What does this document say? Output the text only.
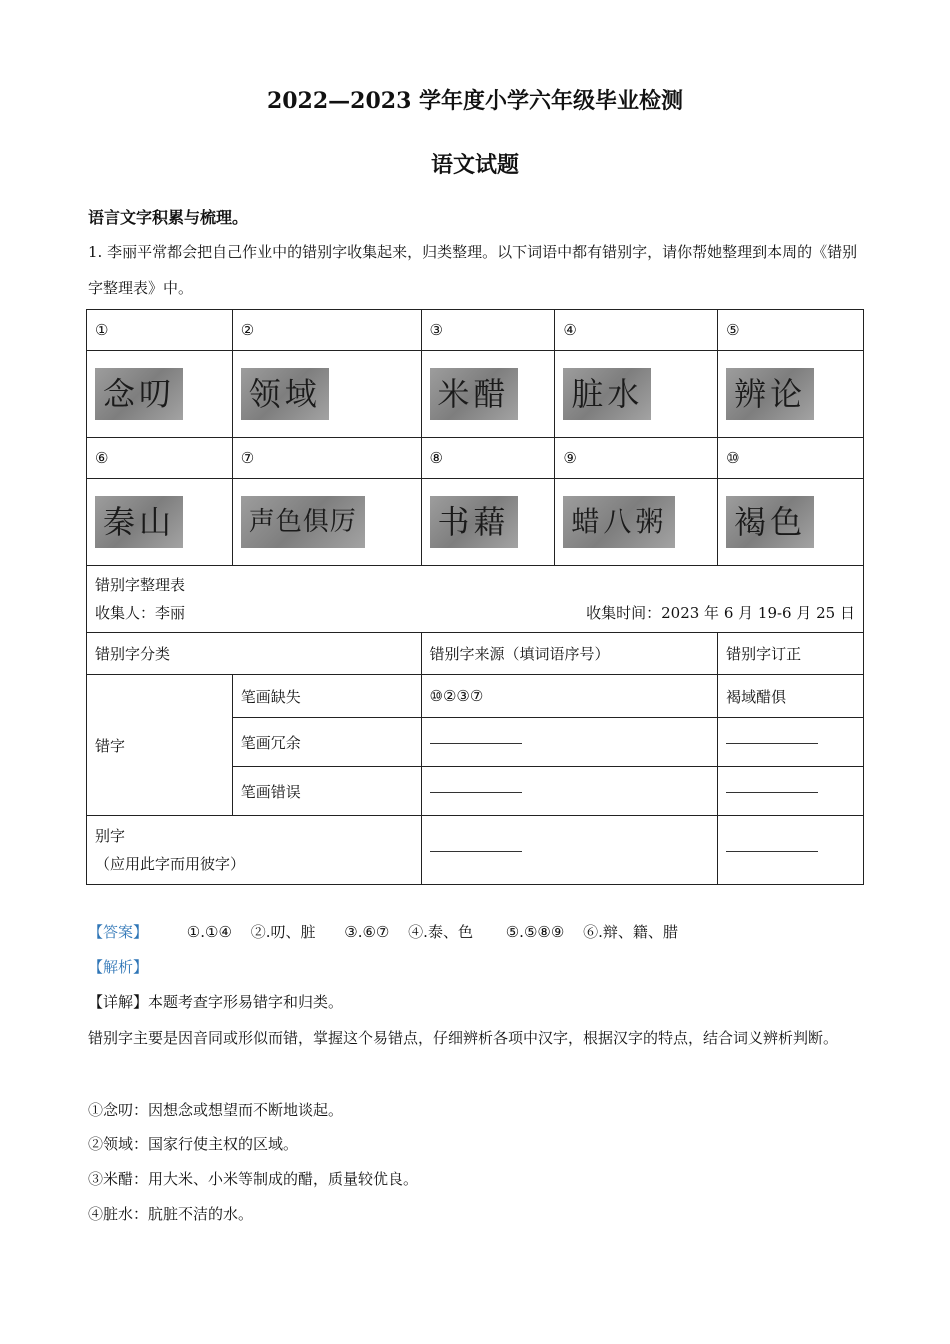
2022—2023 学年度小学六年级毕业检测
语文试题
语言文字积累与梳理。
1. 李丽平常都会把自己作业中的错别字收集起来，归类整理。以下词语中都有错别字，请你帮她整理到本周的《错别字整理表》中。
①	②	③	④	⑤
念叨	领域	米醋	脏水	辨论
⑥	⑦	⑧	⑨	⑩
秦山	声色俱厉	书藉	蜡八粥	褐色

错别字整理表
收集人：李丽 收集时间：2023 年 6 月 19-6 月 25 日				

错别字分类		错别字来源（填词语序号）		错别字订正
错字	笔画缺失	⑩②③⑦		褐域醋俱
	笔画冗余			
	笔画错误			

别字
（应用此字而用彼字）				

【答案】	①.①④ ②.叨、脏 ③.⑥⑦ ④.泰、色 ⑤.⑤⑧⑨ ⑥.辩、籍、腊
【解析】
【详解】本题考查字形易错字和归类。
错别字主要是因音同或形似而错，掌握这个易错点，仔细辨析各项中汉字，根据汉字的特点，结合词义辨析判断。
①念叨：因想念或想望而不断地谈起。
②领域：国家行使主权的区域。
③米醋：用大米、小米等制成的醋，质量较优良。
④脏水：肮脏不洁的水。
